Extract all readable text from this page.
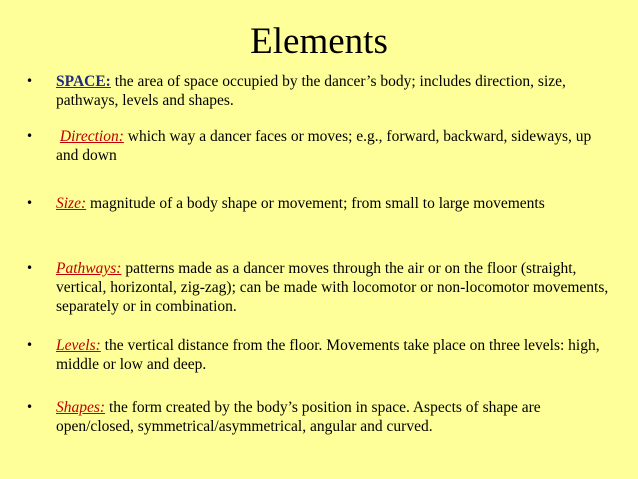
Elements
•	SPACE: the area of space occupied by the dancer’s body; includes direction, size, pathways, levels and shapes.
•	Direction: which way a dancer faces or moves; e.g., forward, backward, sideways, up and down
•	Size: magnitude of a body shape or movement; from small to large movements
•	Pathways: patterns made as a dancer moves through the air or on the floor (straight, vertical, horizontal, zig-zag); can be made with locomotor or non-locomotor movements, separately or in combination.
•	Levels: the vertical distance from the floor. Movements take place on three levels: high, middle or low and deep.
•	Shapes: the form created by the body’s position in space. Aspects of shape are open/closed, symmetrical/asymmetrical, angular and curved.
